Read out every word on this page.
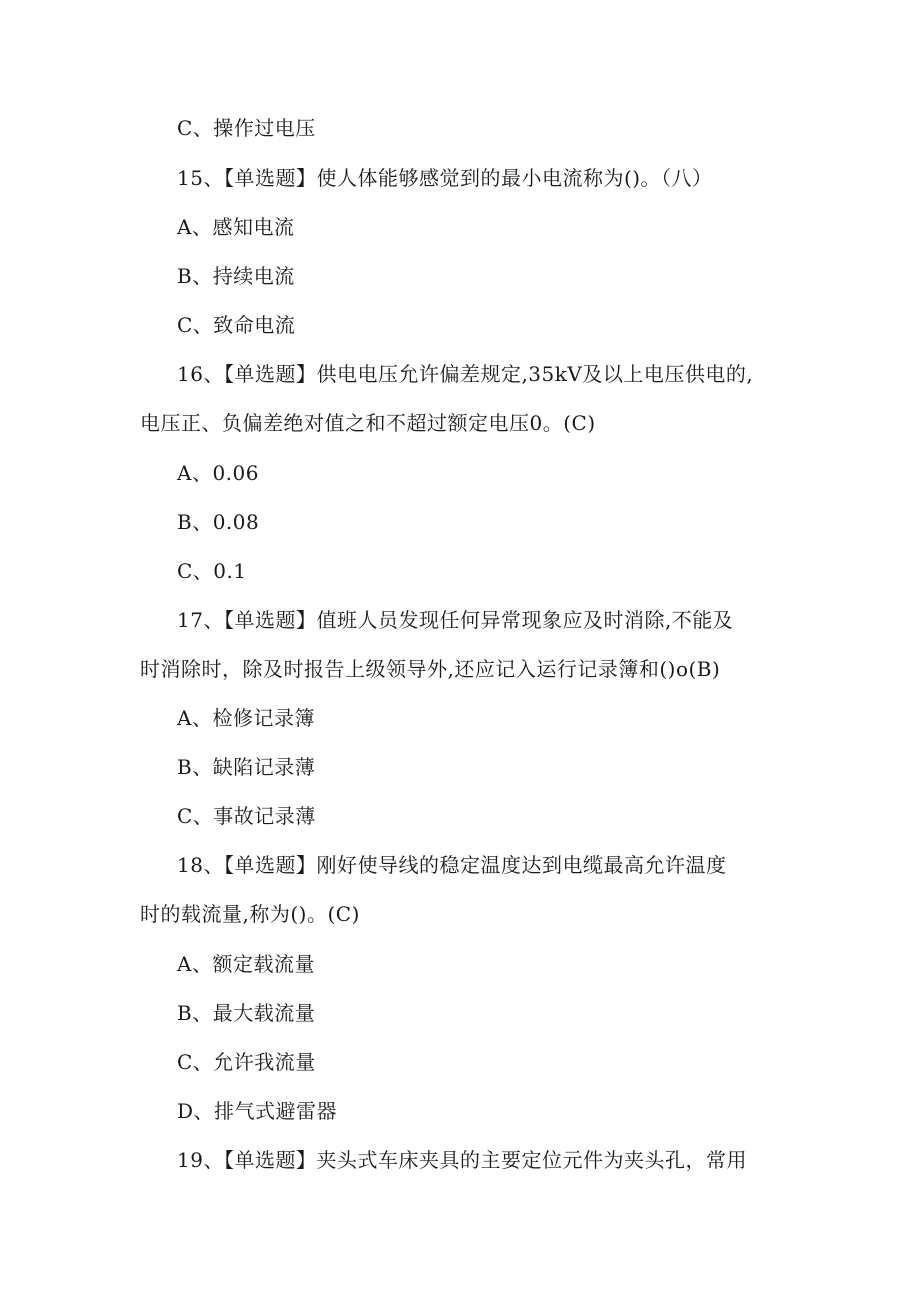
C、操作过电压
15、【单选题】使人体能够感觉到的最小电流称为()。（八）
A、感知电流
B、持续电流
C、致命电流
16、【单选题】供电电压允许偏差规定,35kV及以上电压供电的,
电压正、负偏差绝对值之和不超过额定电压0。(C)
A、0.06
B、0.08
C、0.1
17、【单选题】值班人员发现任何异常现象应及时消除,不能及
时消除时，除及时报告上级领导外,还应记入运行记录簿和()o(B)
A、检修记录簿
B、缺陷记录薄
C、事故记录薄
18、【单选题】刚好使导线的稳定温度达到电缆最高允许温度
时的载流量,称为()。(C)
A、额定载流量
B、最大载流量
C、允许我流量
D、排气式避雷器
19、【单选题】夹头式车床夹具的主要定位元件为夹头孔，常用
